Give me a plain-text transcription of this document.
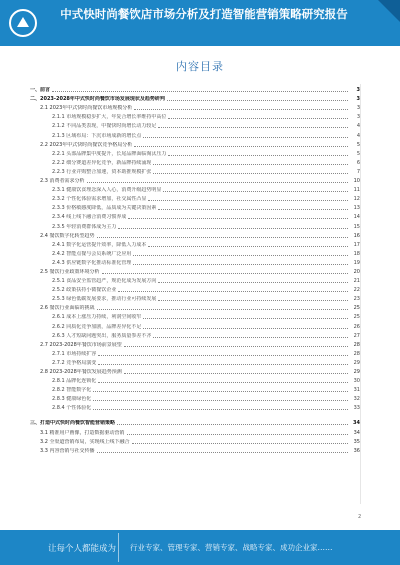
中式快时尚餐饮店市场分析及打造智能营销策略研究报告
内容目录
一、前言	3
二、2023-2028年中式快时尚餐饮市场发展现状及趋势研判	3
2.1 2023年中式快时尚餐饮市场规模分析	3
2.1.1 市场规模稳步扩大，年复合增长率维持中高位	3
2.1.2 不同品类表现，中餐快时尚增长动力较足	4
2.1.3 区域布局：下沉市场成新的增长点	4
2.2 2023年中式快时尚餐饮竞争格局分析	5
2.2.1 头部品牌集中度提升，长尾品牌面临淘汰压力	5
2.2.2 细分赛道差异化竞争，新品牌持续涌现	6
2.2.3 行业并购整合加速，资本助推规模扩张	7
2.3 消费者需求分析	10
2.3.1 健康饮食理念深入人心，消费升级趋势明显	11
2.3.2 个性化体验需求增加，社交属性凸显	12
2.3.3 价格敏感度降低，品质成为关键决策因素	13
2.3.4 线上线下融合消费习惯养成	14
2.3.5 年轻消费群体成为主力	15
2.4 餐饮数字化转型趋势	16
2.4.1 数字化运营提升效率，降低人力成本	17
2.4.2 智能点餐与会员系统广泛应用	18
2.4.3 供应链数字化推动标准化管理	19
2.5 餐饮行业政策环境分析	20
2.5.1 食品安全监管趋严，规范化成为发展方向	21
2.5.2 政策扶持小微餐饮企业	22
2.5.3 绿色低碳发展要求，推动行业可持续发展	23
2.6 餐饮行业面临的挑战	25
2.6.1 成本上涨压力持续，利润空间收窄	25
2.6.2 同质化竞争加剧，品牌差异化不足	26
2.6.3 人才短缺问题突出，服务质量参差不齐	27
2.7 2023-2028年餐饮市场前景展望	28
2.7.1 市场持续扩容	28
2.7.2 竞争格局演变	29
2.8 2023-2028年餐饮发展趋势预测	29
2.8.1 品牌化连锁化	30
2.8.2 智能数字化	31
2.8.3 健康绿色化	32
2.8.4 个性体验化	33
三、打造中式快时尚餐饮智能营销策略	34
3.1 精准用户画像，打造数据驱动营销	34
3.2 全渠道营销布局，实现线上线下融合	35
3.3 内容营销与社交传播	36
2
让每个人都能成为 行业专家、管理专家、营销专家、战略专家、成功企业家……
